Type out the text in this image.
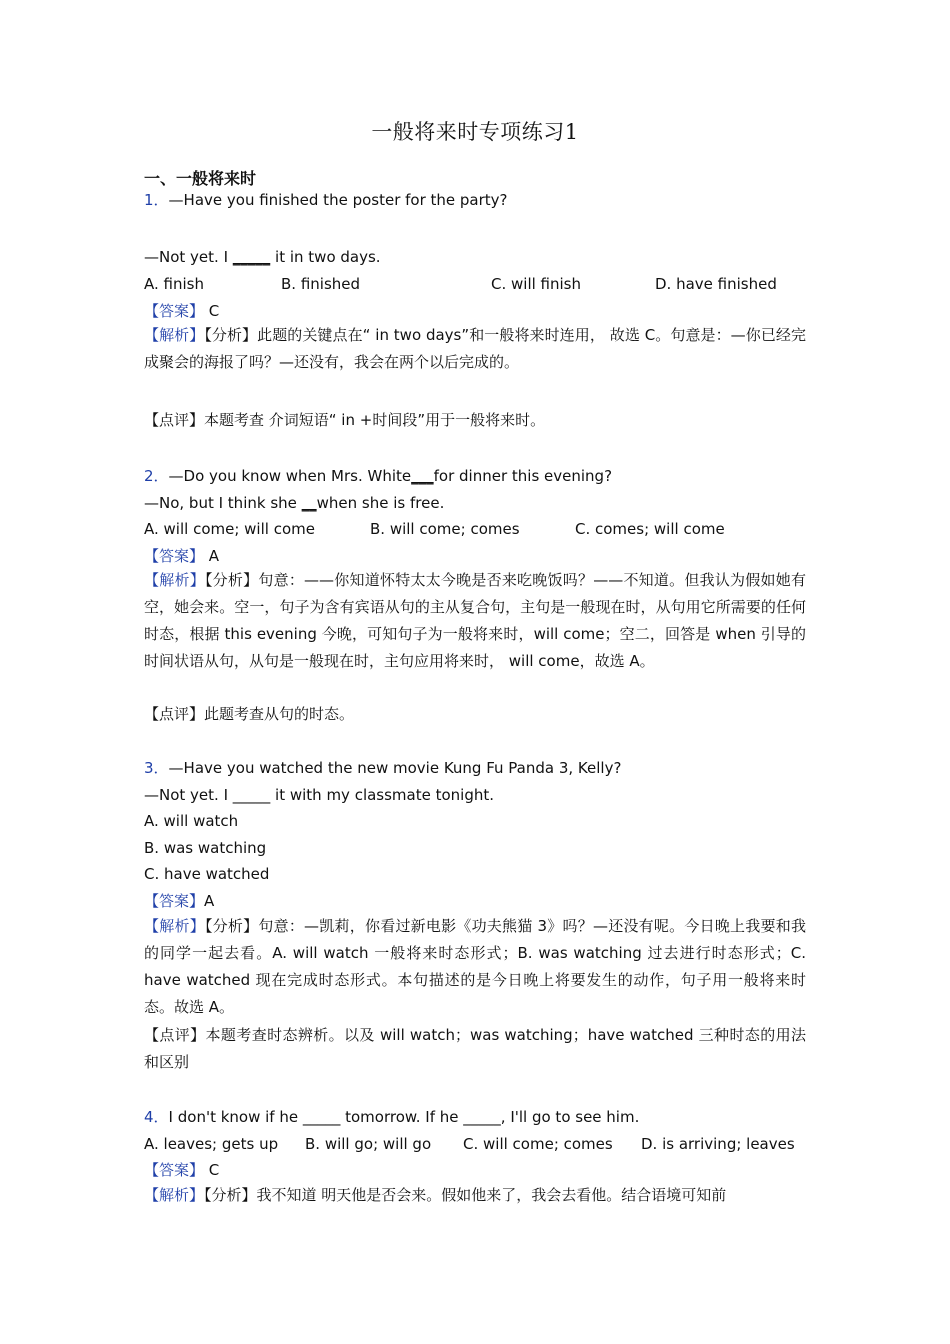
一般将来时专项练习1
一、一般将来时
1．—Have you finished the poster for the party?
—Not yet. I _____ it in two days.
A. finish	B. finished	C. will finish	D. have finished
【答案】 C
【解析】【分析】此题的关键点在“ in two days”和一般将来时连用， 故选 C。句意是：—你已经完成聚会的海报了吗？—还没有，我会在两个以后完成的。
【点评】本题考查 介词短语“ in +时间段”用于一般将来时。
2．—Do you know when Mrs. White___for dinner this evening?
—No, but I think she __when she is free.
A. will come; will come	B. will come; comes	C. comes; will come
【答案】 A
【解析】【分析】句意：——你知道怀特太太今晚是否来吃晚饭吗？——不知道。但我认为假如她有空，她会来。空一，句子为含有宾语从句的主从复合句，主句是一般现在时，从句用它所需要的任何时态，根据 this evening 今晚，可知句子为一般将来时，will come；空二，回答是 when 引导的时间状语从句，从句是一般现在时，主句应用将来时， will come，故选 A。
【点评】此题考查从句的时态。
3．—Have you watched the new movie Kung Fu Panda 3, Kelly?
—Not yet. I _____ it with my classmate tonight.
A. will watch
B. was watching
C. have watched
【答案】A
【解析】【分析】句意：—凯莉，你看过新电影《功夫熊猫 3》吗？—还没有呢。今日晚上我要和我的同学一起去看。A. will watch 一般将来时态形式；B. was watching 过去进行时态形式；C. have watched 现在完成时态形式。本句描述的是今日晚上将要发生的动作，句子用一般将来时态。故选 A。
【点评】本题考查时态辨析。以及 will watch；was watching；have watched 三种时态的用法和区别
4．I don't know if he _____ tomorrow. If he _____, I'll go to see him.
A. leaves; gets up B. will go; will go C. will come; comes D. is arriving; leaves
【答案】 C
【解析】【分析】我不知道 明天他是否会来。假如他来了，我会去看他。结合语境可知前
